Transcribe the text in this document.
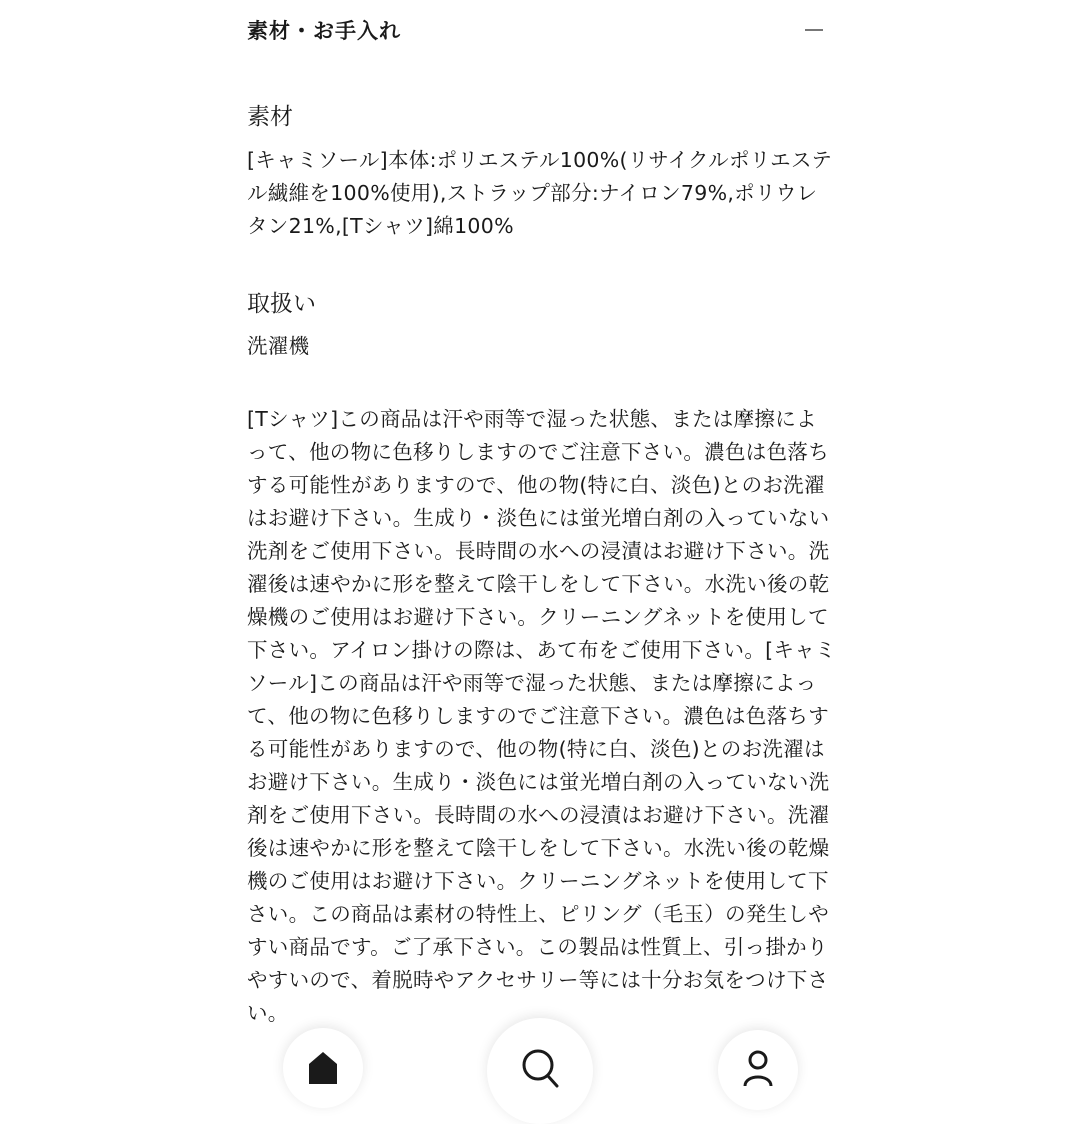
素材・お手入れ
素材

[キャミソール]本体:ポリエステル100%(リサイクルポリエステル繊維を100%使用),ストラップ部分:ナイロン79%,ポリウレタン21%,[Tシャツ]綿100%

取扱い

洗濯機

[Tシャツ]この商品は汗や雨等で湿った状態、または摩擦によって、他の物に色移りしますのでご注意下さい。濃色は色落ちする可能性がありますので、他の物(特に白、淡色)とのお洗濯はお避け下さい。生成り・淡色には蛍光増白剤の入っていない洗剤をご使用下さい。長時間の水への浸漬はお避け下さい。洗濯後は速やかに形を整えて陰干しをして下さい。水洗い後の乾燥機のご使用はお避け下さい。クリーニングネットを使用して下さい。アイロン掛けの際は、あて布をご使用下さい。[キャミソール]この商品は汗や雨等で湿った状態、または摩擦によって、他の物に色移りしますのでご注意下さい。濃色は色落ちする可能性がありますので、他の物(特に白、淡色)とのお洗濯はお避け下さい。生成り・淡色には蛍光増白剤の入っていない洗剤をご使用下さい。長時間の水への浸漬はお避け下さい。洗濯後は速やかに形を整えて陰干しをして下さい。水洗い後の乾燥機のご使用はお避け下さい。クリーニングネットを使用して下さい。この商品は素材の特性上、ピリング（毛玉）の発生しやすい商品です。ご了承下さい。この製品は性質上、引っ掛かりやすいので、着脱時やアクセサリー等には十分お気をつけ下さい。
